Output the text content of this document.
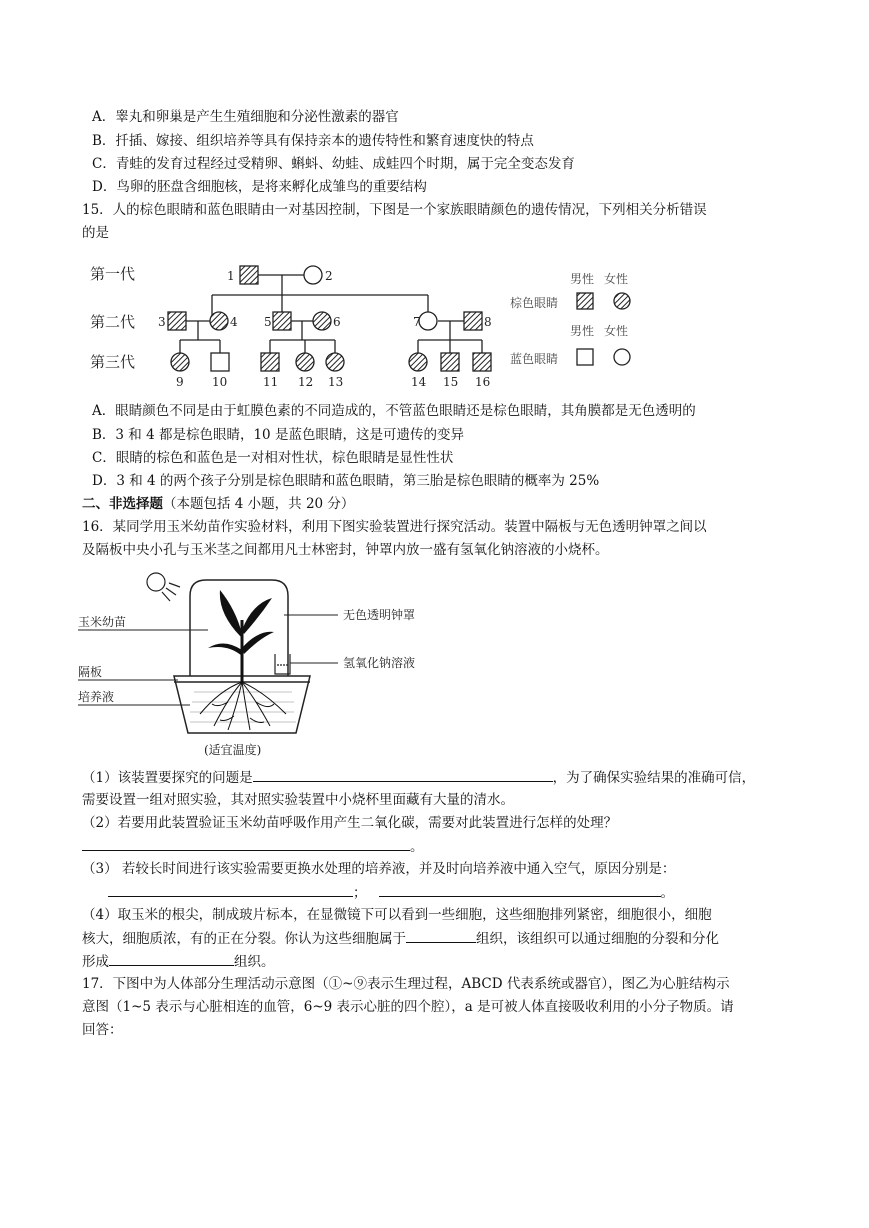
A．睾丸和卵巢是产生生殖细胞和分泌性激素的器官
B．扦插、嫁接、组织培养等具有保持亲本的遗传特性和繁育速度快的特点
C．青蛙的发育过程经过受精卵、蝌蚪、幼蛙、成蛙四个时期，属于完全变态发育
D．鸟卵的胚盘含细胞核，是将来孵化成雏鸟的重要结构
15．人的棕色眼睛和蓝色眼睛由一对基因控制，下图是一个家族眼睛颜色的遗传情况，下列相关分析错误
的是
第一代
第二代
第三代
1	2
3	4 5	6	7	8
9 10	11 12 13	14 15 16
男性 女性
棕色眼睛
男性 女性
蓝色眼睛
A．眼睛颜色不同是由于虹膜色素的不同造成的，不管蓝色眼睛还是棕色眼睛，其角膜都是无色透明的
B．3 和 4 都是棕色眼睛，10 是蓝色眼睛，这是可遗传的变异
C．眼睛的棕色和蓝色是一对相对性状，棕色眼睛是显性性状
D．3 和 4 的两个孩子分别是棕色眼睛和蓝色眼睛，第三胎是棕色眼睛的概率为 25%
二、非选择题（本题包括 4 小题，共 20 分）
16．某同学用玉米幼苗作实验材料，利用下图实验装置进行探究活动。装置中隔板与无色透明钟罩之间以
及隔板中央小孔与玉米茎之间都用凡士林密封，钟罩内放一盛有氢氧化钠溶液的小烧杯。
玉米幼苗
隔板
培养液
无色透明钟罩
氢氧化钠溶液
(适宜温度)
（1）该装置要探究的问题是	，为了确保实验结果的准确可信，
需要设置一组对照实验，其对照实验装置中小烧杯里面藏有大量的清水。
（2）若要用此装置验证玉米幼苗呼吸作用产生二氧化碳，需要对此装置进行怎样的处理？
。
（3） 若较长时间进行该实验需要更换水处理的培养液，并及时向培养液中通入空气，原因分别是：
；	。
（4）取玉米的根尖，制成玻片标本，在显微镜下可以看到一些细胞，这些细胞排列紧密，细胞很小，细胞
核大，细胞质浓，有的正在分裂。你认为这些细胞属于	组织，该组织可以通过细胞的分裂和分化
形成	组织。
17．下图中为人体部分生理活动示意图（①~⑨表示生理过程，ABCD 代表系统或器官），图乙为心脏结构示
意图（1~5 表示与心脏相连的血管，6~9 表示心脏的四个腔），a 是可被人体直接吸收利用的小分子物质。请
回答：
